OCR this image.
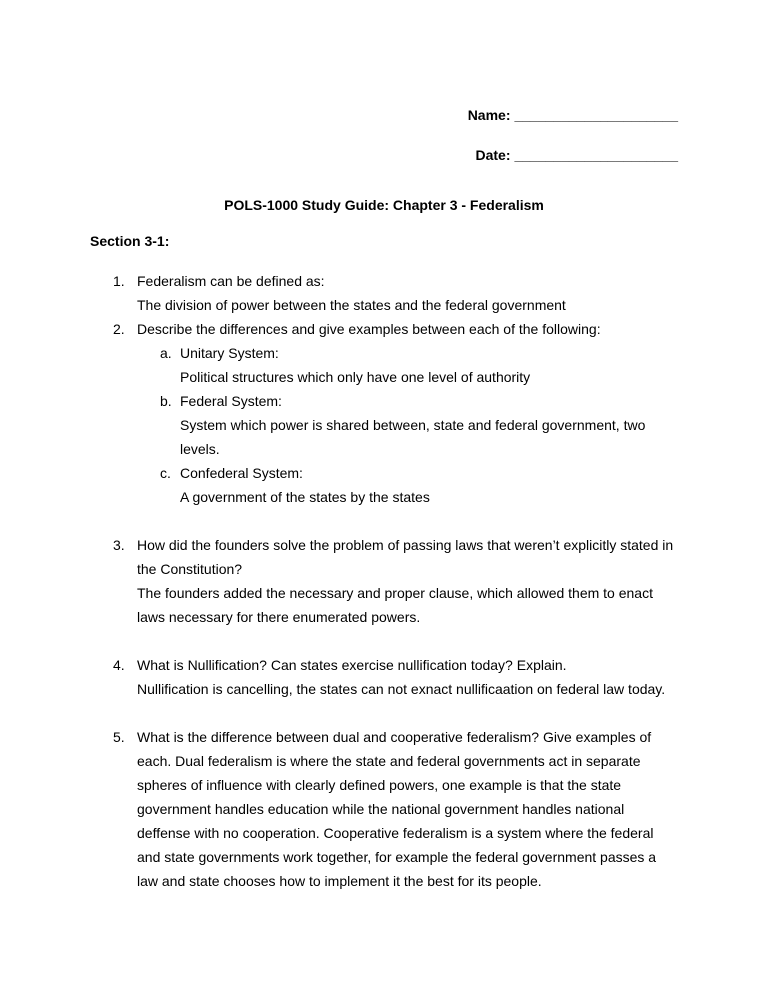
Name: _____________________
Date: _____________________
POLS-1000 Study Guide: Chapter 3 - Federalism
Section 3-1:
1. Federalism can be defined as:
The division of power between the states and the federal government
2. Describe the differences and give examples between each of the following:
a. Unitary System:
Political structures which only have one level of authority
b. Federal System:
System which power is shared between, state and federal government, two levels.
c. Confederal System:
A government of the states by the states
3. How did the founders solve the problem of passing laws that weren’t explicitly stated in the Constitution?
The founders added the necessary and proper clause, which allowed them to enact laws necessary for there enumerated powers.
4. What is Nullification? Can states exercise nullification today? Explain.
Nullification is cancelling, the states can not exnact nullificaation on federal law today.
5. What is the difference between dual and cooperative federalism? Give examples of each. Dual federalism is where the state and federal governments act in separate spheres of influence with clearly defined powers, one example is that the state government handles education while the national government handles national deffense with no cooperation. Cooperative federalism is a system where the federal and state governments work together, for example the federal government passes a law and state chooses how to implement it the best for its people.
